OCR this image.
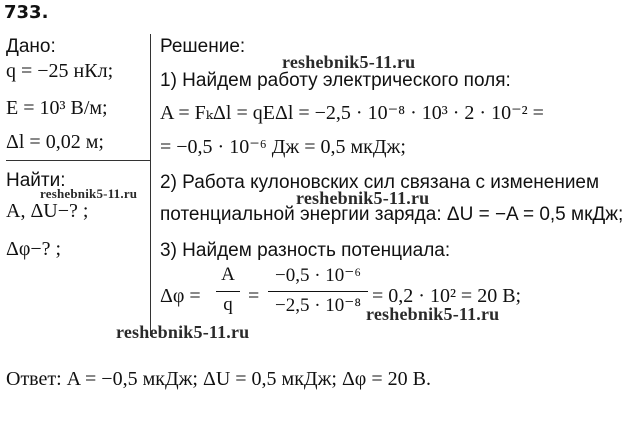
733.
Дано:
q = −25 нКл;
E = 10³ В/м;
Δl = 0,02 м;
Найти:
A, ΔU−? ;
Δφ−? ;
Решение:
1) Найдем работу электрического поля:
A = FₖΔl = qEΔl = −2,5 · 10⁻⁸ · 10³ · 2 · 10⁻² =
= −0,5 · 10⁻⁶ Дж = 0,5 мкДж;
2) Работа кулоновских сил связана с изменением
потенциальной энергии заряда: ΔU = −A = 0,5 мкДж;
3) Найдем разность потенциала:
Δφ =
A
q =
−0,5 · 10⁻⁶
−2,5 · 10⁻⁸ = 0,2 · 10² = 20 В;
Ответ: A = −0,5 мкДж; ΔU = 0,5 мкДж; Δφ = 20 В.
reshebnik5-11.ru
reshebnik5-11.ru	reshebnik5-11.ru
reshebnik5-11.ru
reshebnik5-11.ru
